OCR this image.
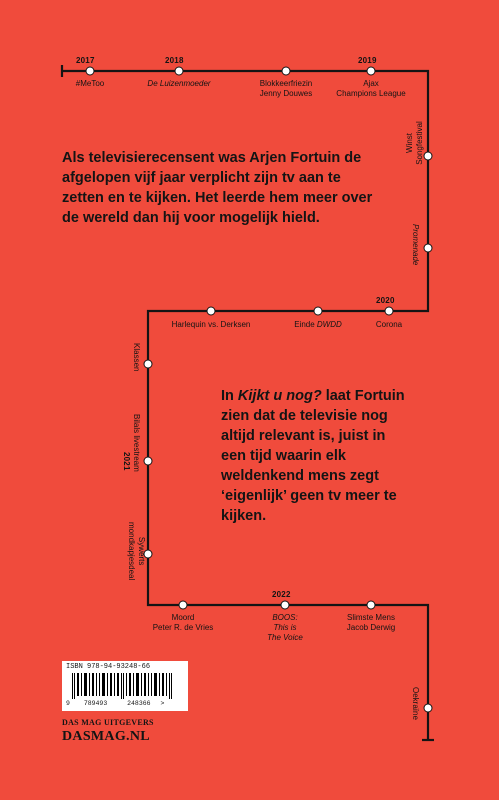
2017	2018	2019
2020
2022
2021
#MeToo	De Luizenmoeder	Blokkeerfriezin
Jenny Douwes
Ajax
Champions League
Winst Songfestival
Promenade
Harlequin vs. Derksen	Einde DWDD	Corona
Klassen
Bilals livestream
Sywerts
mondkapjesdeal
Moord
Peter R. de Vries
BOOS:
This is
The Voice
Slimste Mens
Jacob Derwig
Oekraïne
Als televisierecensent was Arjen Fortuin de afgelopen vijf jaar verplicht zijn tv aan te zetten en te kijken. Het leerde hem meer over de wereld dan hij voor mogelijk hield.
In Kijkt u nog? laat Fortuin zien dat de televisie nog altijd relevant is, juist in een tijd waarin elk weldenkend mens zegt ‘eigenlijk’ geen tv meer te kijken.
ISBN 978-94-93248-66
9 789493	248366 >
DAS MAG UITGEVERS
DASMAG.NL
